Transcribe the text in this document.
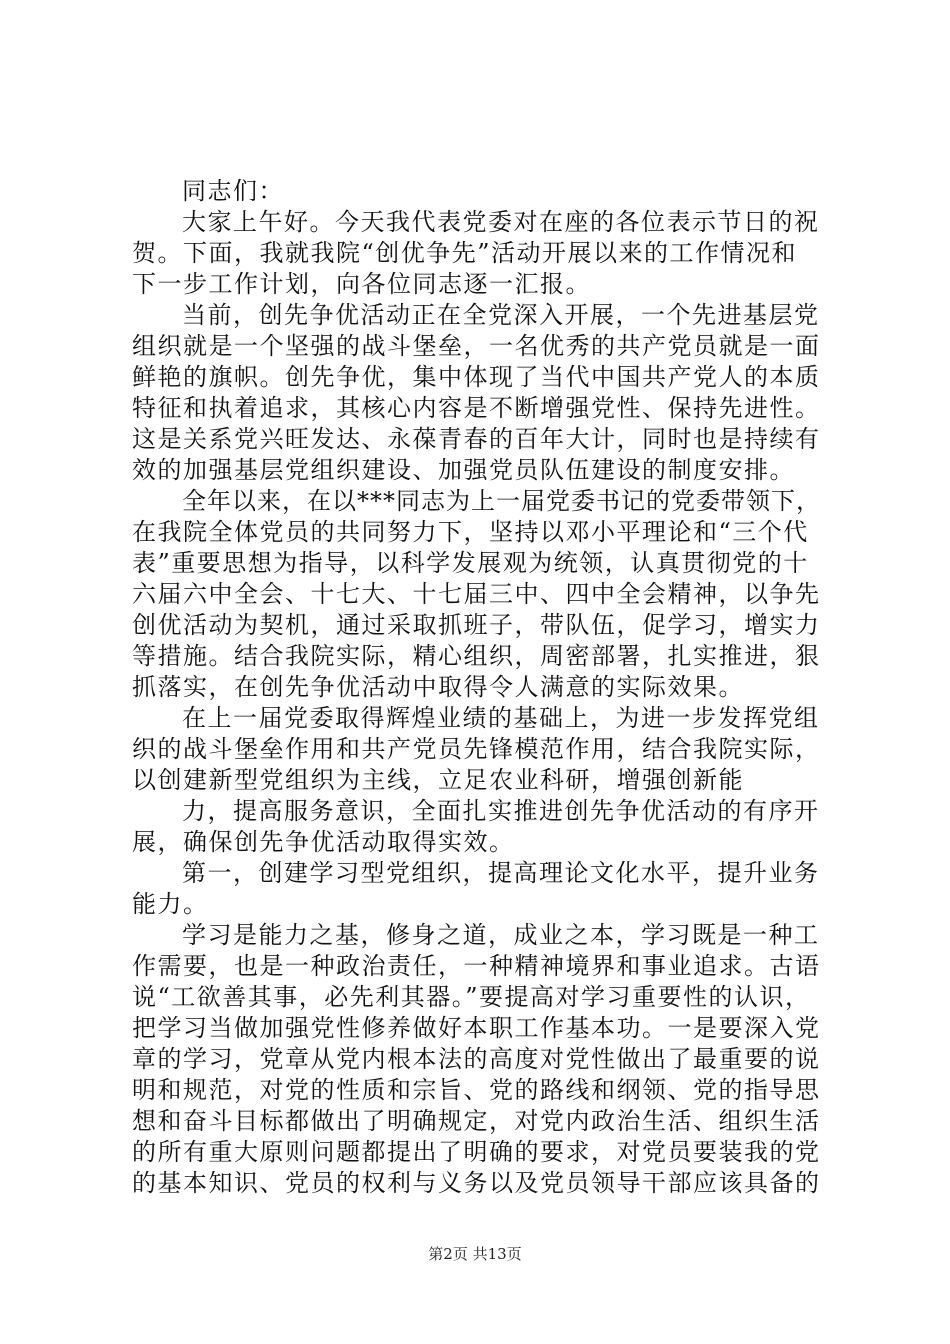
同志们：
大家上午好。今天我代表党委对在座的各位表示节日的祝
贺。下面，我就我院“创优争先”活动开展以来的工作情况和
下一步工作计划，向各位同志逐一汇报。
当前，创先争优活动正在全党深入开展，一个先进基层党
组织就是一个坚强的战斗堡垒，一名优秀的共产党员就是一面
鲜艳的旗帜。创先争优，集中体现了当代中国共产党人的本质
特征和执着追求，其核心内容是不断增强党性、保持先进性。
这是关系党兴旺发达、永葆青春的百年大计，同时也是持续有
效的加强基层党组织建设、加强党员队伍建设的制度安排。
全年以来，在以***同志为上一届党委书记的党委带领下，
在我院全体党员的共同努力下，坚持以邓小平理论和“三个代
表”重要思想为指导，以科学发展观为统领，认真贯彻党的十
六届六中全会、十七大、十七届三中、四中全会精神，以争先
创优活动为契机，通过采取抓班子，带队伍，促学习，增实力
等措施。结合我院实际，精心组织，周密部署，扎实推进，狠
抓落实，在创先争优活动中取得令人满意的实际效果。
在上一届党委取得辉煌业绩的基础上，为进一步发挥党组
织的战斗堡垒作用和共产党员先锋模范作用，结合我院实际，
以创建新型党组织为主线，立足农业科研，增强创新能
力，提高服务意识，全面扎实推进创先争优活动的有序开
展，确保创先争优活动取得实效。
第一，创建学习型党组织，提高理论文化水平，提升业务
能力。
学习是能力之基，修身之道，成业之本，学习既是一种工
作需要，也是一种政治责任，一种精神境界和事业追求。古语
说“工欲善其事，必先利其器。”要提高对学习重要性的认识，
把学习当做加强党性修养做好本职工作基本功。一是要深入党
章的学习，党章从党内根本法的高度对党性做出了最重要的说
明和规范，对党的性质和宗旨、党的路线和纲领、党的指导思
想和奋斗目标都做出了明确规定，对党内政治生活、组织生活
的所有重大原则问题都提出了明确的要求，对党员要装我的党
的基本知识、党员的权利与义务以及党员领导干部应该具备的
第2页 共13页
